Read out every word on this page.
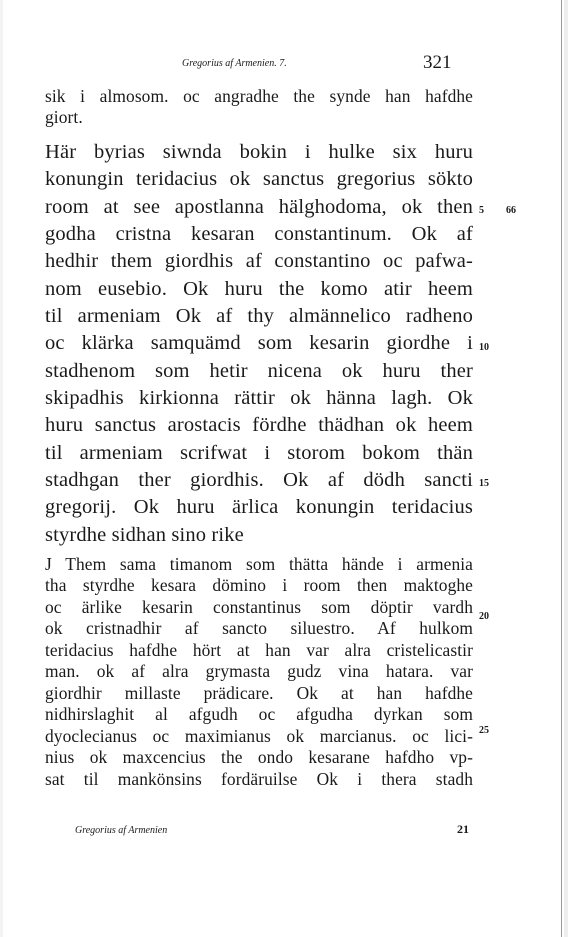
Gregorius af Armenien. 7.	321
sik i almosom. oc angradhe the synde han hafdhe
giort.
Här byrias siwnda bokin i hulke six huru
konungin teridacius ok sanctus gregorius sökto
room at see apostlanna hälghodoma, ok then
godha cristna kesaran constantinum. Ok af
hedhir them giordhis af constantino oc pafwa-
nom eusebio. Ok huru the komo atir heem
til armeniam Ok af thy almännelico radheno
oc klärka samquämd som kesarin giordhe i
stadhenom som hetir nicena ok huru ther
skipadhis kirkionna rättir ok hänna lagh. Ok
huru sanctus arostacis fördhe thädhan ok heem
til armeniam scrifwat i storom bokom thän
stadhgan ther giordhis. Ok af dödh sancti
gregorij. Ok huru ärlica konungin teridacius
styrdhe sidhan sino rike
J Them sama timanom som thätta hände i armenia
tha styrdhe kesara dömino i room then maktoghe
oc ärlike kesarin constantinus som döptir vardh
ok cristnadhir af sancto siluestro. Af hulkom
teridacius hafdhe hört at han var alra cristelicastir
man. ok af alra grymasta gudz vina hatara. var
giordhir millaste prädicare. Ok at han hafdhe
nidhirslaghit al afgudh oc afgudha dyrkan som
dyoclecianus oc maximianus ok marcianus. oc lici-
nius ok maxcencius the ondo kesarane hafdho vp-
sat til mankönsins fordäruilse Ok i thera stadh
66
5
10
15
20
25
Gregorius af Armenien	21
